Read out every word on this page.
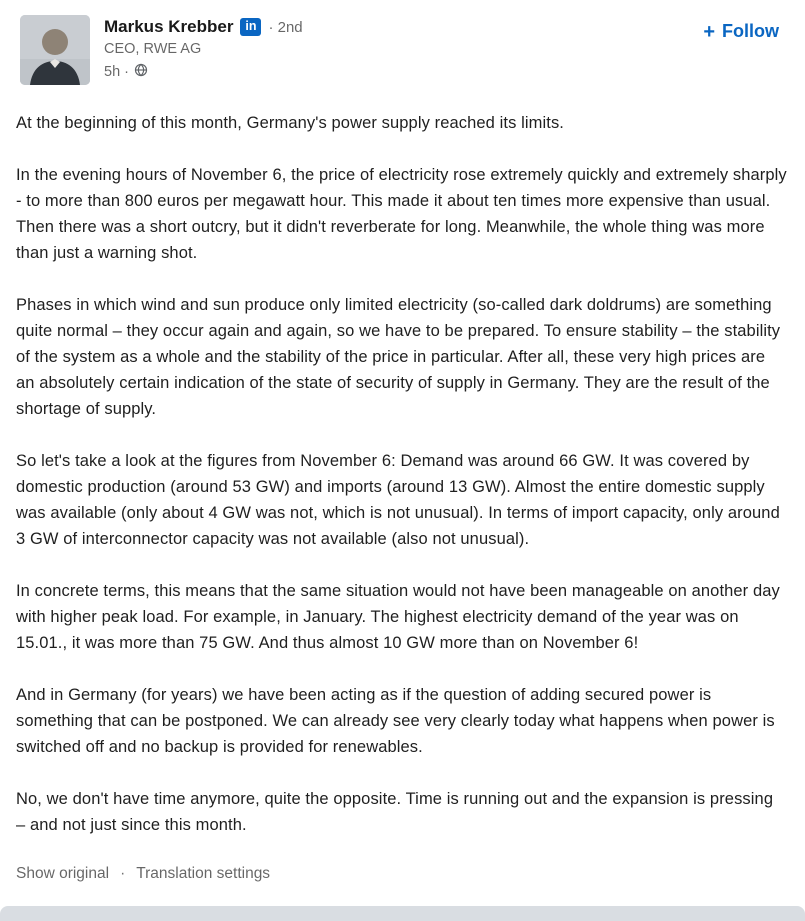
Markus Krebber in · 2nd
CEO, RWE AG
5h ·
+ Follow

At the beginning of this month, Germany's power supply reached its limits.

In the evening hours of November 6, the price of electricity rose extremely quickly and extremely sharply - to more than 800 euros per megawatt hour. This made it about ten times more expensive than usual. Then there was a short outcry, but it didn't reverberate for long. Meanwhile, the whole thing was more than just a warning shot.

Phases in which wind and sun produce only limited electricity (so-called dark doldrums) are something quite normal – they occur again and again, so we have to be prepared. To ensure stability – the stability of the system as a whole and the stability of the price in particular. After all, these very high prices are an absolutely certain indication of the state of security of supply in Germany. They are the result of the shortage of supply.

So let's take a look at the figures from November 6: Demand was around 66 GW. It was covered by domestic production (around 53 GW) and imports (around 13 GW). Almost the entire domestic supply was available (only about 4 GW was not, which is not unusual). In terms of import capacity, only around 3 GW of interconnector capacity was not available (also not unusual).

In concrete terms, this means that the same situation would not have been manageable on another day with higher peak load. For example, in January. The highest electricity demand of the year was on 15.01., it was more than 75 GW. And thus almost 10 GW more than on November 6!

And in Germany (for years) we have been acting as if the question of adding secured power is something that can be postponed. We can already see very clearly today what happens when power is switched off and no backup is provided for renewables.

No, we don't have time anymore, quite the opposite. Time is running out and the expansion is pressing – and not just since this month.

Show original · Translation settings
